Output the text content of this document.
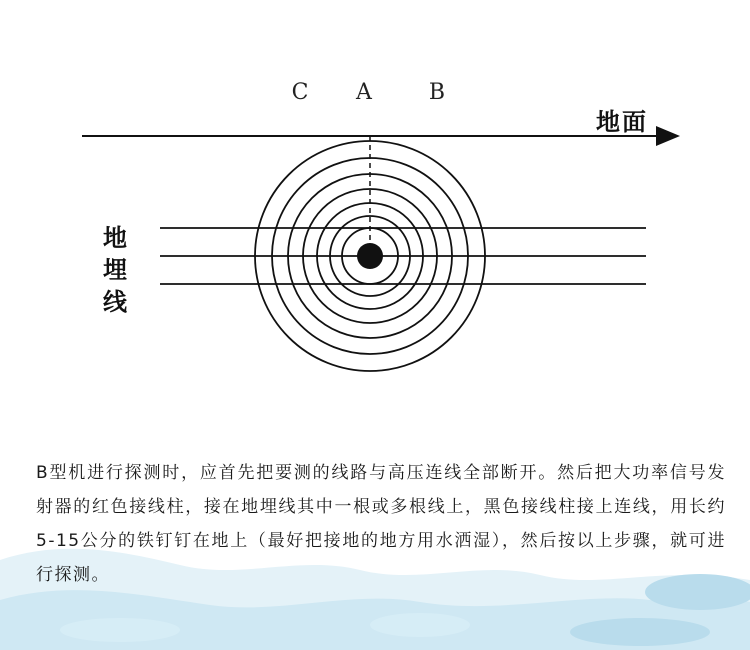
C A	B
地面
地
埋
线

B型机进行探测时，应首先把要测的线路与高压连线全部断开。然后把大功率信号发射器的红色接线柱，接在地埋线其中一根或多根线上，黑色接线柱接上连线，用长约5-15公分的铁钉钉在地上（最好把接地的地方用水洒湿），然后按以上步骤，就可进行探测。
